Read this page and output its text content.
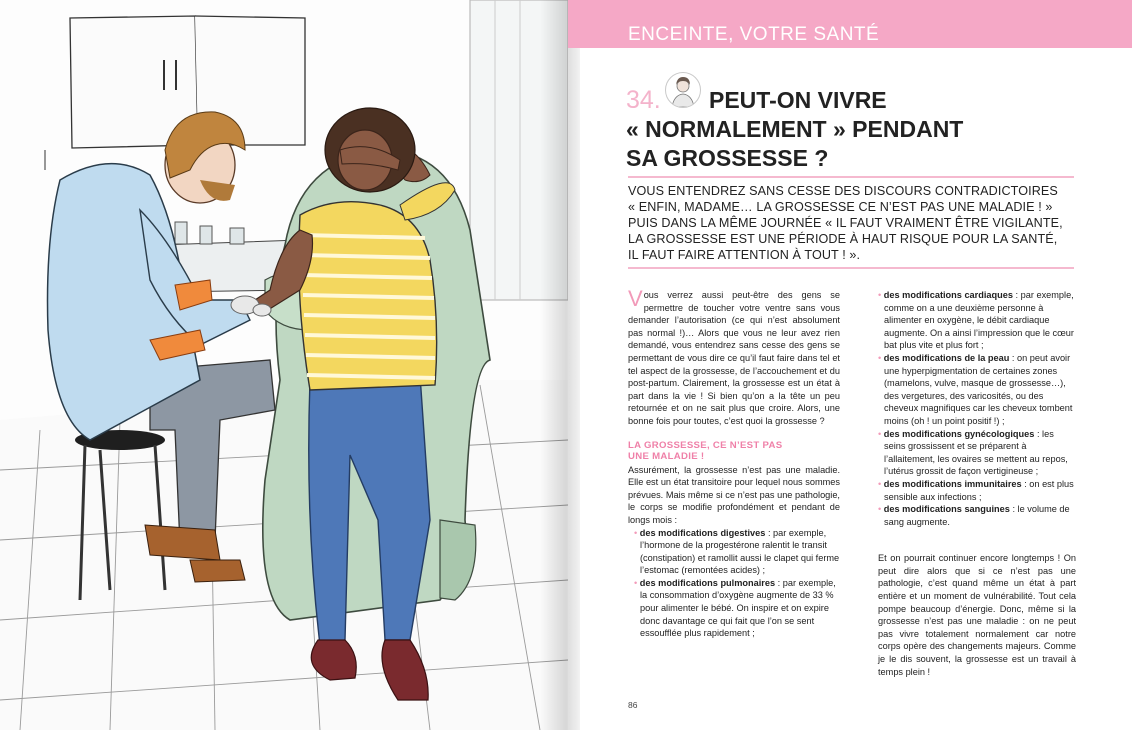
ENCEINTE, VOTRE SANTÉ
34. PEUT-ON VIVRE
« NORMALEMENT » PENDANT
SA GROSSESSE ?
VOUS ENTENDREZ SANS CESSE DES DISCOURS CONTRADICTOIRES
« ENFIN, MADAME… LA GROSSESSE CE N’EST PAS UNE MALADIE ! »
PUIS DANS LA MÊME JOURNÉE « IL FAUT VRAIMENT ÊTRE VIGILANTE,
LA GROSSESSE EST UNE PÉRIODE À HAUT RISQUE POUR LA SANTÉ,
IL FAUT FAIRE ATTENTION À TOUT ! ».

Vous verrez aussi peut-être des gens se permettre de toucher votre ventre sans vous demander l’autorisation (ce qui n’est absolument pas normal !)… Alors que vous ne leur avez rien demandé, vous entendrez sans cesse des gens se permettant de vous dire ce qu’il faut faire dans tel et tel aspect de la grossesse, de l’accouchement et du post-partum. Clairement, la grossesse est un état à part dans la vie ! Si bien qu’on a la tête un peu retournée et on ne sait plus que croire. Alors, une bonne fois pour toutes, c’est quoi la grossesse ?

LA GROSSESSE, CE N’EST PAS
UNE MALADIE !

Assurément, la grossesse n’est pas une maladie. Elle est un état transitoire pour lequel nous sommes prévues. Mais même si ce n’est pas une pathologie, le corps se modifie profondément et pendant de longs mois :

• des modifications digestives : par exemple, l’hormone de la progestérone ralentit le transit (constipation) et ramollit aussi le clapet qui ferme l’estomac (remontées acides) ;
• des modifications pulmonaires : par exemple, la consommation d’oxygène augmente de 33 % pour alimenter le bébé. On inspire et on expire donc davantage ce qui fait que l’on se sent essoufflée plus rapidement ;
• des modifications cardiaques : par exemple, comme on a une deuxième personne à alimenter en oxygène, le débit cardiaque augmente. On a ainsi l’impression que le cœur bat plus vite et plus fort ;
• des modifications de la peau : on peut avoir une hyperpigmentation de certaines zones (mamelons, vulve, masque de grossesse…), des vergetures, des varicosités, ou des cheveux magnifiques car les cheveux tombent moins (oh ! un point positif !) ;
• des modifications gynécologiques : les seins grossissent et se préparent à l’allaitement, les ovaires se mettent au repos, l’utérus grossit de façon vertigineuse ;
• des modifications immunitaires : on est plus sensible aux infections ;
• des modifications sanguines : le volume de sang augmente.

Et on pourrait continuer encore longtemps ! On peut dire alors que si ce n’est pas une pathologie, c’est quand même un état à part entière et un moment de vulnérabilité. Tout cela pompe beaucoup d’énergie. Donc, même si la grossesse n’est pas une maladie : on ne peut pas vivre totalement normalement car notre corps opère des changements majeurs. Comme je le dis souvent, la grossesse est un travail à temps plein !

86
